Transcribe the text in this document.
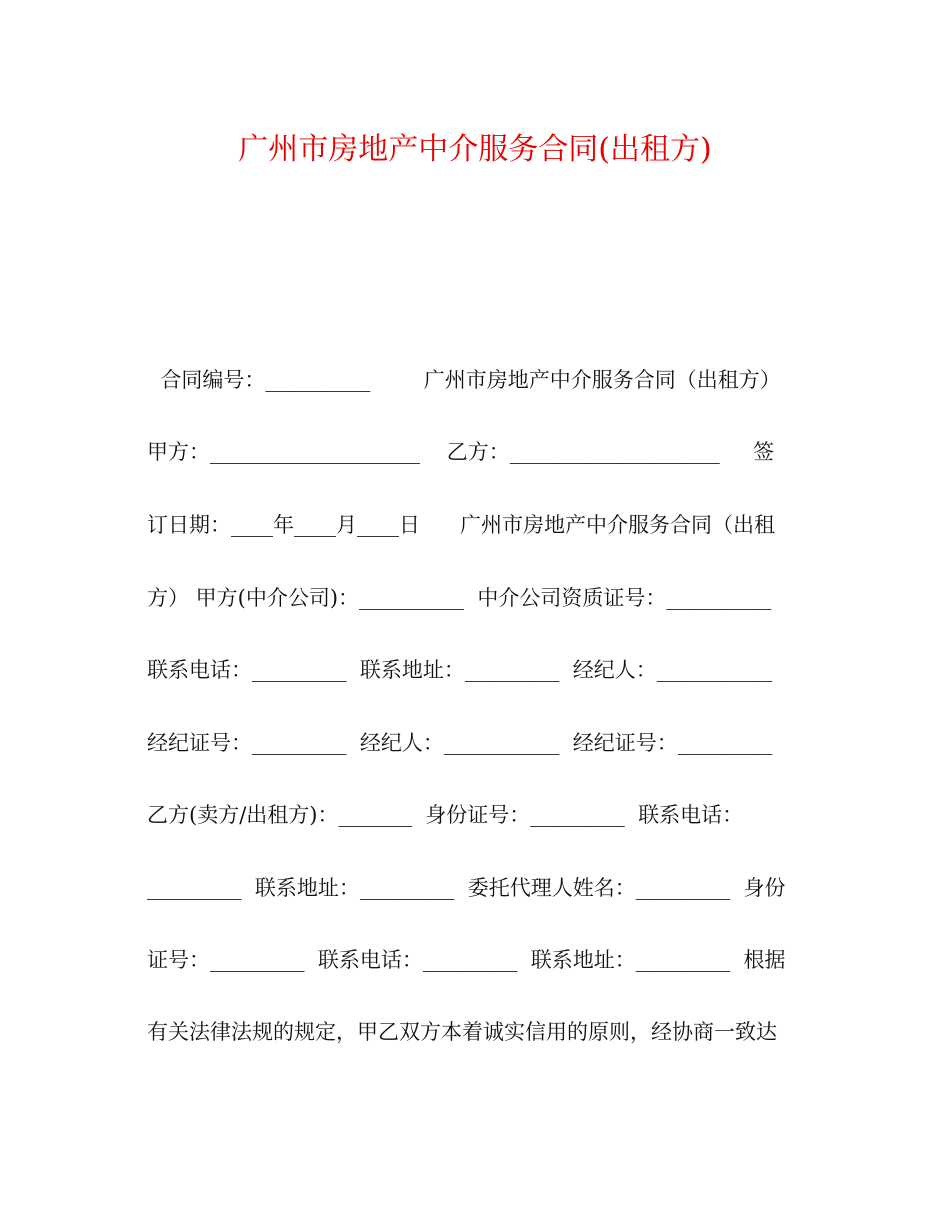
广州市房地产中介服务合同(出租方)
合同编号：__________        广州市房地产中介服务合同（出租方）
甲方：____________________    乙方：____________________     签
订日期：____年____月____日      广州市房地产中介服务合同（出租
方） 甲方(中介公司)：__________  中介公司资质证号：__________
联系电话：_________  联系地址：_________  经纪人：___________
经纪证号：_________  经纪人：___________  经纪证号：_________
乙方(卖方/出租方)：_______  身份证号：_________  联系电话：
_________  联系地址：_________  委托代理人姓名：_________  身份
证号：_________  联系电话：_________  联系地址：_________  根据
有关法律法规的规定，甲乙双方本着诚实信用的原则，经协商一致达
